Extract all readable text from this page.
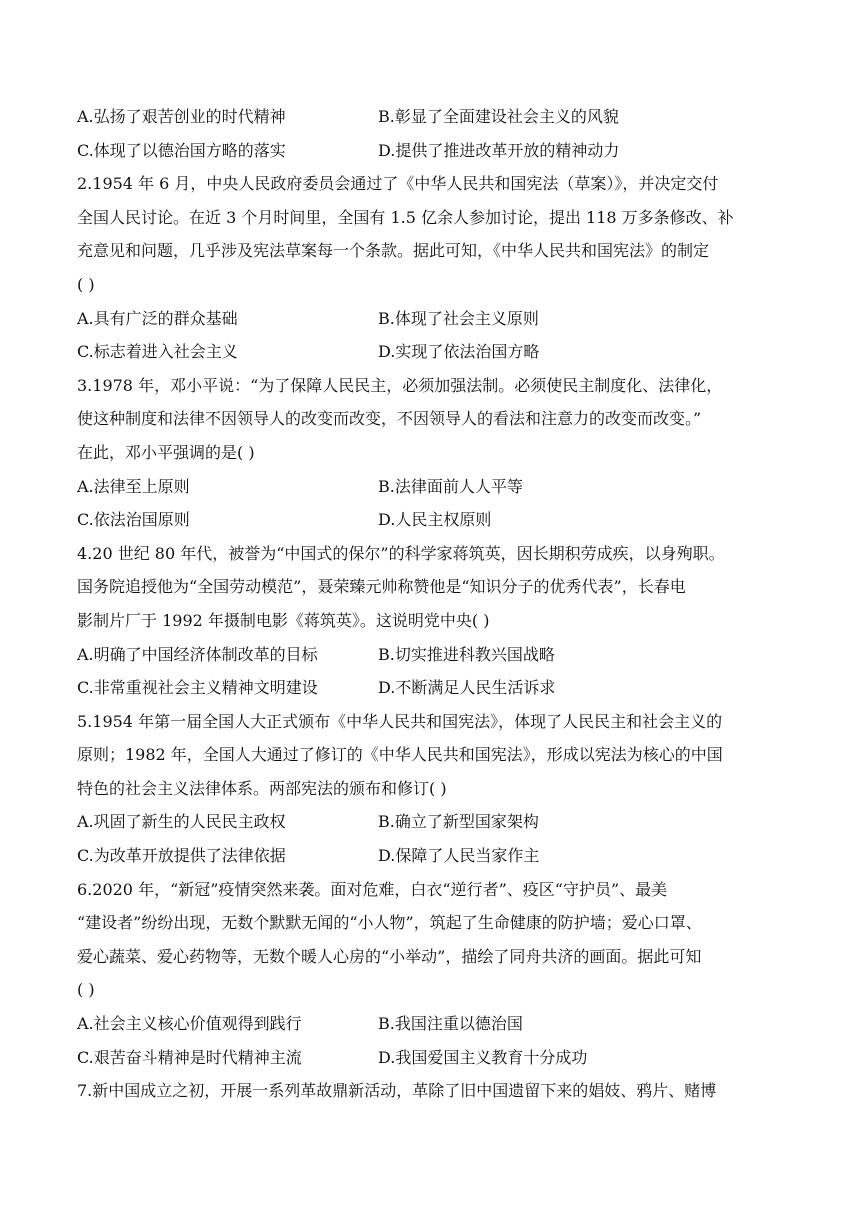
A.弘扬了艰苦创业的时代精神	B.彰显了全面建设社会主义的风貌
C.体现了以德治国方略的落实	D.提供了推进改革开放的精神动力
2.1954 年 6 月，中央人民政府委员会通过了《中华人民共和国宪法（草案）》，并决定交付
全国人民讨论。在近 3 个月时间里，全国有 1.5 亿余人参加讨论，提出 118 万多条修改、补
充意见和问题，几乎涉及宪法草案每一个条款。据此可知，《中华人民共和国宪法》的制定
( )
A.具有广泛的群众基础	B.体现了社会主义原则
C.标志着进入社会主义	D.实现了依法治国方略
3.1978 年，邓小平说：“为了保障人民民主，必须加强法制。必须使民主制度化、法律化，
使这种制度和法律不因领导人的改变而改变，不因领导人的看法和注意力的改变而改变。”
在此，邓小平强调的是( )
A.法律至上原则	B.法律面前人人平等
C.依法治国原则	D.人民主权原则
4.20 世纪 80 年代，被誉为“中国式的保尔”的科学家蒋筑英，因长期积劳成疾，以身殉职。
国务院追授他为“全国劳动模范”，聂荣臻元帅称赞他是“知识分子的优秀代表”，长春电
影制片厂于 1992 年摄制电影《蒋筑英》。这说明党中央( )
A.明确了中国经济体制改革的目标	B.切实推进科教兴国战略
C.非常重视社会主义精神文明建设	D.不断满足人民生活诉求
5.1954 年第一届全国人大正式颁布《中华人民共和国宪法》，体现了人民民主和社会主义的
原则；1982 年，全国人大通过了修订的《中华人民共和国宪法》，形成以宪法为核心的中国
特色的社会主义法律体系。两部宪法的颁布和修订( )
A.巩固了新生的人民民主政权	B.确立了新型国家架构
C.为改革开放提供了法律依据	D.保障了人民当家作主
6.2020 年，“新冠”疫情突然来袭。面对危难，白衣“逆行者”、疫区“守护员”、最美
“建设者”纷纷出现，无数个默默无闻的“小人物”，筑起了生命健康的防护墙；爱心口罩、
爱心蔬菜、爱心药物等，无数个暖人心房的“小举动”，描绘了同舟共济的画面。据此可知
( )
A.社会主义核心价值观得到践行	B.我国注重以德治国
C.艰苦奋斗精神是时代精神主流	D.我国爱国主义教育十分成功
7.新中国成立之初，开展一系列革故鼎新活动，革除了旧中国遗留下来的娼妓、鸦片、赌博
